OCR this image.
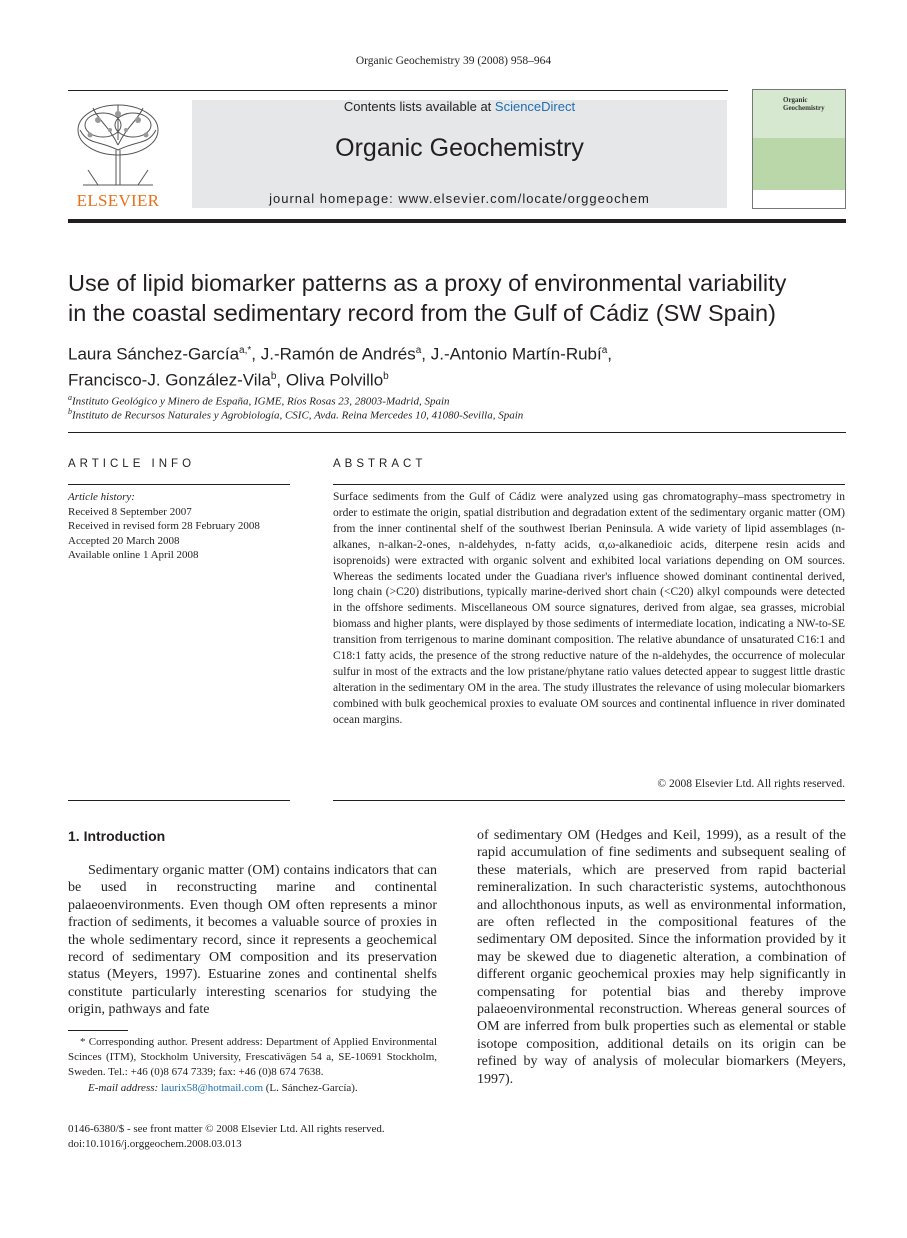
Organic Geochemistry 39 (2008) 958–964
ELSEVIER
Contents lists available at ScienceDirect
Organic Geochemistry
journal homepage: www.elsevier.com/locate/orggeochem
Organic Geochemistry
Use of lipid biomarker patterns as a proxy of environmental variability
in the coastal sedimentary record from the Gulf of Cádiz (SW Spain)
Laura Sánchez-García$^{a,*}$, J.-Ramón de Andrés$^a$, J.-Antonio Martín-Rubí$^a$,
Francisco-J. González-Vila$^b$, Oliva Polvillo$^b$
$^a$Instituto Geológico y Minero de España, IGME, Ríos Rosas 23, 28003-Madrid, Spain
$^b$Instituto de Recursos Naturales y Agrobiología, CSIC, Avda. Reina Mercedes 10, 41080-Sevilla, Spain
ARTICLE INFO
Article history:
Received 8 September 2007
Received in revised form 28 February 2008
Accepted 20 March 2008
Available online 1 April 2008
ABSTRACT

Surface sediments from the Gulf of Cádiz were analyzed using gas chromatography–mass spectrometry in order to estimate the origin, spatial distribution and degradation extent of the sedimentary organic matter (OM) from the inner continental shelf of the southwest Iberian Peninsula. A wide variety of lipid assemblages (n-alkanes, n-alkan-2-ones, n-aldehydes, n-fatty acids, α,ω-alkanedioic acids, diterpene resin acids and isoprenoids) were extracted with organic solvent and exhibited local variations depending on OM sources. Whereas the sediments located under the Guadiana river's influence showed dominant continental derived, long chain (>C20) distributions, typically marine-derived short chain (<C20) alkyl compounds were detected in the offshore sediments. Miscellaneous OM source signatures, derived from algae, sea grasses, microbial biomass and higher plants, were displayed by those sediments of intermediate location, indicating a NW-to-SE transition from terrigenous to marine dominant composition. The relative abundance of unsaturated C16:1 and C18:1 fatty acids, the presence of the strong reductive nature of the n-aldehydes, the occurrence of molecular sulfur in most of the extracts and the low pristane/phytane ratio values detected appear to suggest little drastic alteration in the sedimentary OM in the area. The study illustrates the relevance of using molecular biomarkers combined with bulk geochemical proxies to evaluate OM sources and continental influence in river dominated ocean margins.

© 2008 Elsevier Ltd. All rights reserved.
1. Introduction

Sedimentary organic matter (OM) contains indicators that can be used in reconstructing marine and continental palaeoenvironments. Even though OM often represents a minor fraction of sediments, it becomes a valuable source of proxies in the whole sedimentary record, since it represents a geochemical record of sedimentary OM composition and its preservation status (Meyers, 1997). Estuarine zones and continental shelfs constitute particularly interesting scenarios for studying the origin, pathways and fate

of sedimentary OM (Hedges and Keil, 1999), as a result of the rapid accumulation of fine sediments and subsequent sealing of these materials, which are preserved from rapid bacterial remineralization. In such characteristic systems, autochthonous and allochthonous inputs, as well as environmental information, are often reflected in the compositional features of the sedimentary OM deposited. Since the information provided by it may be skewed due to diagenetic alteration, a combination of different organic geochemical proxies may help significantly in compensating for potential bias and thereby improve palaeoenvironmental reconstruction. Whereas general sources of OM are inferred from bulk properties such as elemental or stable isotope composition, additional details on its origin can be refined by way of analysis of molecular biomarkers (Meyers, 1997).

* Corresponding author. Present address: Department of Applied Environmental Scinces (ITM), Stockholm University, Frescativägen 54 a, SE-10691 Stockholm, Sweden. Tel.: +46 (0)8 674 7339; fax: +46 (0)8 674 7638.
E-mail address: laurix58@hotmail.com (L. Sánchez-García).
0146-6380/$ - see front matter © 2008 Elsevier Ltd. All rights reserved.
doi:10.1016/j.orggeochem.2008.03.013
